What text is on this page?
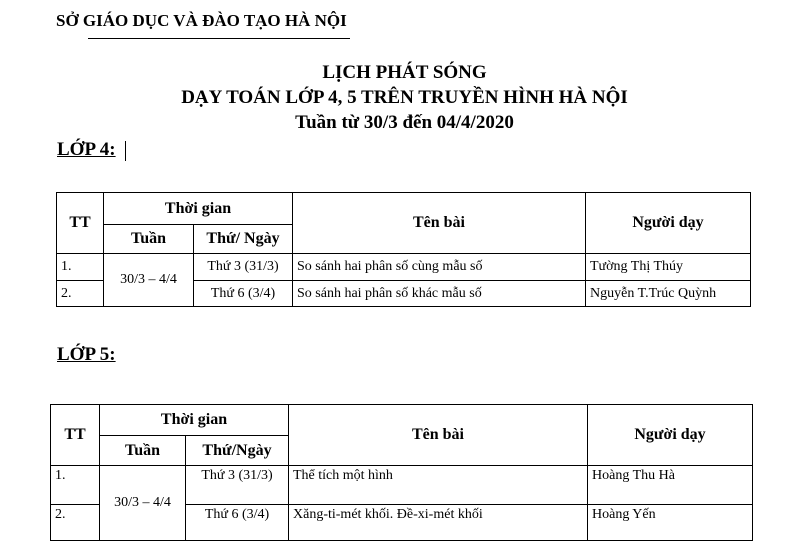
SỞ GIÁO DỤC VÀ ĐÀO TẠO HÀ NỘI
LỊCH PHÁT SÓNG
DẠY TOÁN LỚP 4, 5 TRÊN TRUYỀN HÌNH HÀ NỘI
Tuần từ 30/3 đến 04/4/2020
LỚP 4:
TT	Thời gian		Tên bài	Người dạy
	Tuần	Thứ/ Ngày		
1.	30/3 – 4/4	Thứ 3 (31/3)	So sánh hai phân số cùng mẫu số	Tường Thị Thúy
2.		Thứ 6 (3/4)	So sánh hai phân số khác mẫu số	Nguyễn T.Trúc Quỳnh
LỚP 5:
TT	Thời gian		Tên bài	Người dạy
	Tuần	Thứ/Ngày		
1.	30/3 – 4/4	Thứ 3 (31/3)	Thể tích một hình	Hoàng Thu Hà
2.		Thứ 6 (3/4)	Xăng-ti-mét khối. Đề-xi-mét khối	Hoàng Yến
